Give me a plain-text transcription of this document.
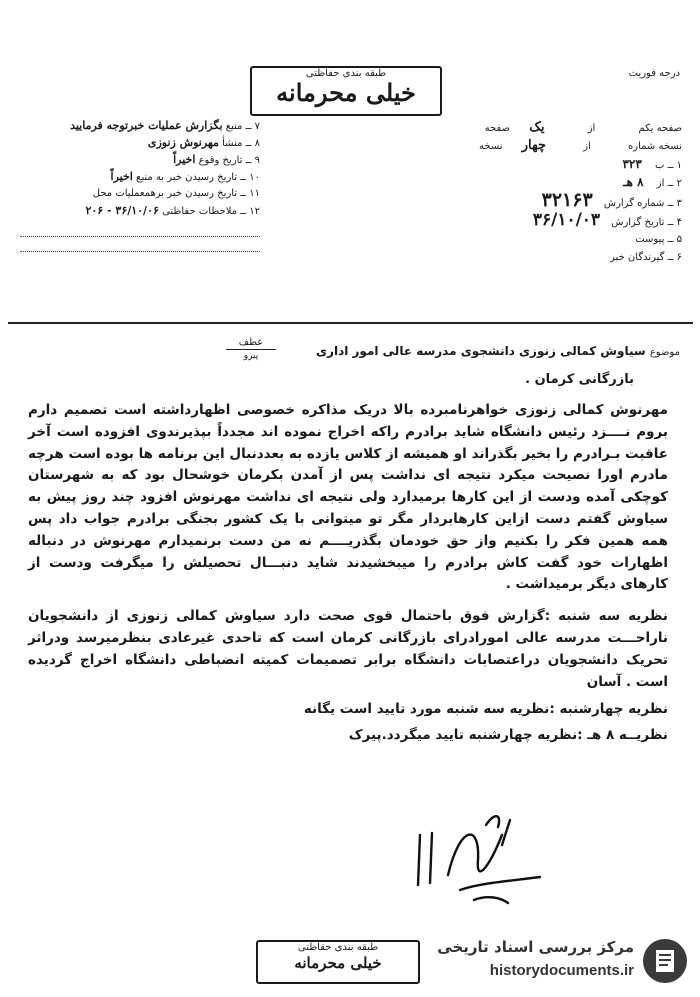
درجه فوریت
طبقه بندی حفاظتی
خیلی محرمانه
۷ ــ منبع بگزارش عملیات خبرتوجه فرمایید
۸ ــ منشأ مهرنوش زنوزی
۹ ــ تاریخ وقوع اخیراً
۱۰ ــ تاریخ رسیدن خبر به منبع اخیراً
۱۱ ــ تاریخ رسیدن خبر برهمعملیات محل
۱۲ ــ ملاحظات حفاظتی ۳۶/۱۰/۰۶ - ۲۰۶
صفحه یکم از یک صفحه
نسخه شماره از چهار نسخه
۱ ــ ب ۳۲۳
۲ ــ از ۸ هـ
۳ ــ شماره گزارش ۳۲۱۶۳
۴ ــ تاریخ گزارش ۳۶/۱۰/۰۳
۵ ــ پیوست
۶ ــ گیرندگان خبر
عطف
پیرو	موضوع سیاوش کمالی زنوزی دانشجوی مدرسه عالی امور اداری
بازرگانی کرمان .

مهرنوش کمالی زنوزی خواهرنامبرده بالا دریک مذاکره خصوصی اظهارداشته است تصمیم دارم بروم نــــزد رئیس دانشگاه شاید برادرم راکه اخراج نموده اند مجدداً بپذیرندوی افزوده است آخر عاقبت بـرادرم را بخیر بگذراند او همیشه از کلاس یازده به بعددنبال این برنامه ها بوده است هرچه مادرم اورا نصیحت میکرد نتیجه ای نداشت پس از آمدن بکرمان خوشحال بود که به شهرستان کوچکی آمده ودست از این کارها برمیدارد ولی نتیجه ای نداشت مهرنوش افزود چند روز پیش به سیاوش گفتم دست ازاین کارهابردار مگر تو میتوانی با یک کشور بجنگی برادرم جواب داد پس همه همین فکر را بکنیم واز حق خودمان بگذریــــم نه من دست برنمیدارم مهرنوش در دنباله اظهارات خود گفت کاش برادرم را میبخشیدند شاید دنبـــال تحصیلش را میگرفت ودست از کارهای دیگر برمیداشت .

نظریه سه شنبه :گزارش فوق باحتمال قوی صحت دارد سیاوش کمالی زنوزی از دانشجویان ناراحـــت مدرسه عالی امورادرای بازرگانی کرمان است که تاحدی غیرعادی بنظرمیرسد ودراثر تحریک دانشجویان دراعتصابات دانشگاه برابر تصمیمات کمیته انضباطی دانشگاه اخراج گردیده است . آسان

نظریه چهارشنبه :نظریه سه شنبه مورد تایید است یگانه

نظریــه ۸ هـ :نظریه چهارشنبه تایید میگردد.پیرک

طبقه بندی حفاظتی
خیلی محرمانه
مرکز بررسی اسناد تاریخی
historydocuments.ir
